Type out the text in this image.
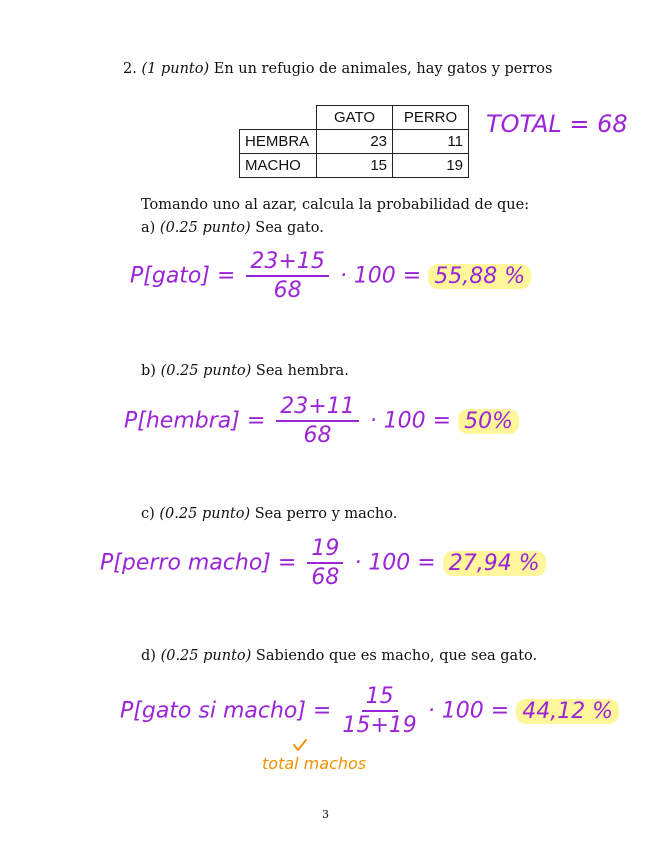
2. (1 punto) En un refugio de animales, hay gatos y perros
	GATO	PERRO
HEMBRA	23	11
MACHO	15	19
TOTAL = 68
Tomando uno al azar, calcula la probabilidad de que:
a) (0.25 punto) Sea gato.
P[gato] = $\frac{23+15}{68} \cdot 100 = 55,88$ %
b) (0.25 punto) Sea hembra.
P[hembra] = $\frac{23+11}{68} \cdot 100 = 50\%$
c) (0.25 punto) Sea perro y macho.
P[perro macho] = $\frac{19}{68} \cdot 100 = 27,94$ %
d) (0.25 punto) Sabiendo que es macho, que sea gato.
P[gato si macho] = $\frac{15}{15+19} \cdot 100 = 44,12$ %
total machos
3
